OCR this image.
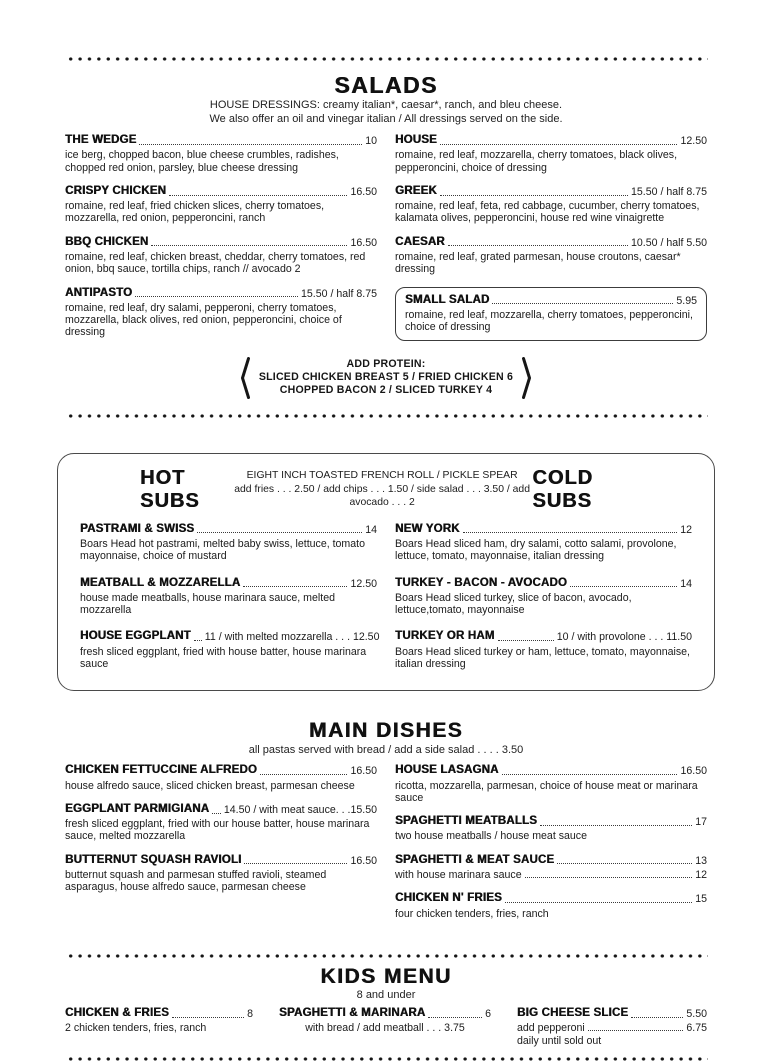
SALADS
HOUSE DRESSINGS: creamy italian*, caesar*, ranch, and bleu cheese.
We also offer an oil and vinegar italian / All dressings served on the side.
THE WEDGE	10
ice berg, chopped bacon, blue cheese crumbles, radishes, chopped red onion, parsley, blue cheese dressing
CRISPY CHICKEN	16.50
romaine, red leaf, fried chicken slices, cherry tomatoes, mozzarella, red onion, pepperoncini, ranch
BBQ CHICKEN	16.50
romaine, red leaf, chicken breast, cheddar, cherry tomatoes, red onion, bbq sauce, tortilla chips, ranch // avocado 2
ANTIPASTO	15.50 / half 8.75
romaine, red leaf, dry salami, pepperoni, cherry tomatoes, mozzarella, black olives, red onion, pepperoncini, choice of dressing
HOUSE	12.50
romaine, red leaf, mozzarella, cherry tomatoes, black olives, pepperoncini, choice of dressing
GREEK	15.50 / half 8.75
romaine, red leaf, feta, red cabbage, cucumber, cherry tomatoes, kalamata olives, pepperoncini, house red wine vinaigrette
CAESAR	10.50 / half 5.50
romaine, red leaf, grated parmesan, house croutons, caesar* dressing
SMALL SALAD	5.95
romaine, red leaf, mozzarella, cherry tomatoes, pepperoncini, choice of dressing
ADD PROTEIN:
SLICED CHICKEN BREAST 5 / FRIED CHICKEN 6
CHOPPED BACON 2 / SLICED TURKEY 4
HOT SUBS
EIGHT INCH TOASTED FRENCH ROLL / PICKLE SPEAR
add fries . . . 2.50 / add chips . . . 1.50 / side salad . . . 3.50 / add avocado . . . 2
COLD SUBS
PASTRAMI & SWISS	14
Boars Head hot pastrami, melted baby swiss, lettuce, tomato mayonnaise, choice of mustard
MEATBALL & MOZZARELLA	12.50
house made meatballs, house marinara sauce, melted mozzarella
HOUSE EGGPLANT 11 / with melted mozzarella . . . 12.50
fresh sliced eggplant, fried with house batter, house marinara sauce
NEW YORK	12
Boars Head sliced ham, dry salami, cotto salami, provolone, lettuce, tomato, mayonnaise, italian dressing
TURKEY - BACON - AVOCADO	14
Boars Head sliced turkey, slice of bacon, avocado, lettuce,tomato, mayonnaise
TURKEY OR HAM	10 / with provolone . . . 11.50
Boars Head sliced turkey or ham, lettuce, tomato, mayonnaise, italian dressing
MAIN DISHES
all pastas served with bread / add a side salad . . . . 3.50
CHICKEN FETTUCCINE ALFREDO	16.50
house alfredo sauce, sliced chicken breast, parmesan cheese
EGGPLANT PARMIGIANA 14.50 / with meat sauce. . .15.50
fresh sliced eggplant, fried with our house batter, house marinara sauce, melted mozzarella
BUTTERNUT SQUASH RAVIOLI	16.50
butternut squash and parmesan stuffed ravioli, steamed asparagus, house alfredo sauce, parmesan cheese
HOUSE LASAGNA	16.50
ricotta, mozzarella, parmesan, choice of house meat or marinara sauce
SPAGHETTI MEATBALLS	17
two house meatballs / house meat sauce
SPAGHETTI & MEAT SAUCE	13
with house marinara sauce	12
CHICKEN N' FRIES	15
four chicken tenders, fries, ranch
KIDS MENU
8 and under
CHICKEN & FRIES	8
2 chicken tenders, fries, ranch
SPAGHETTI & MARINARA	6
with bread / add meatball . . . 3.75
BIG CHEESE SLICE	5.50
add pepperoni	6.75
daily until sold out
